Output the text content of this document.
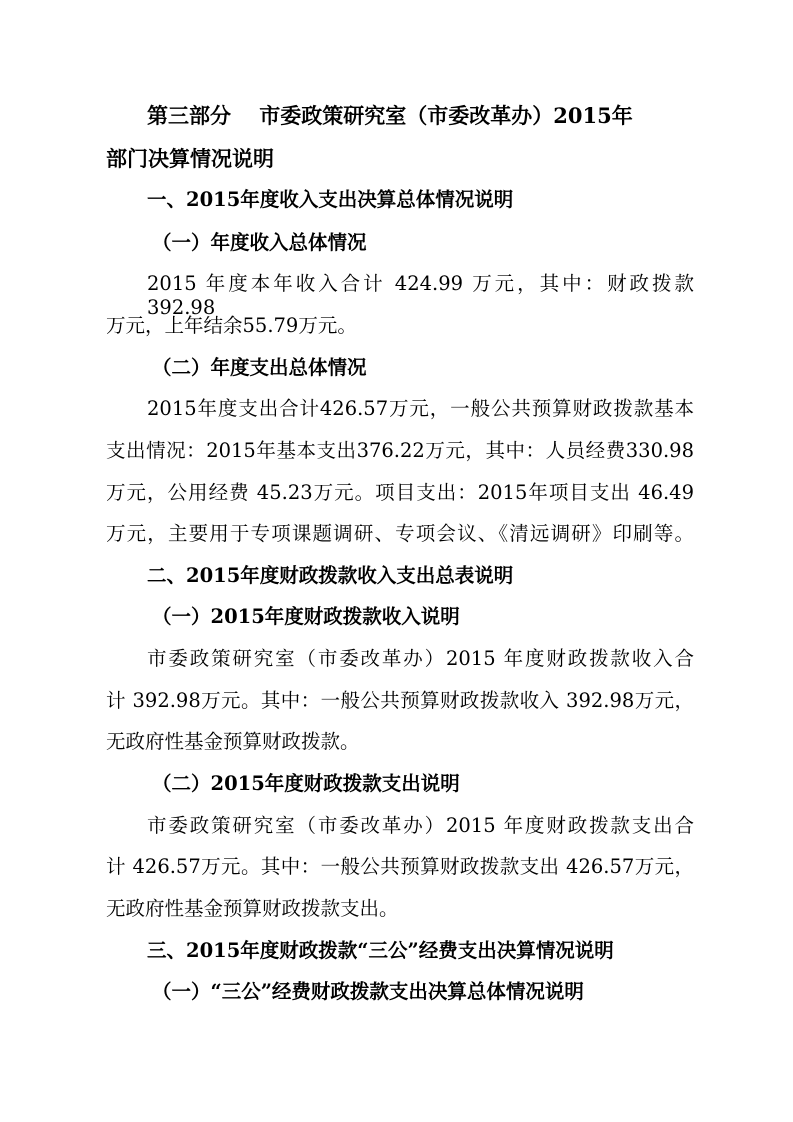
第三部分　 市委政策研究室（市委改革办）2015年
部门决算情况说明
一、2015年度收入支出决算总体情况说明
（一）年度收入总体情况
2015 年度本年收入合计 424.99 万元，其中：财政拨款 392.98
万元，上年结余55.79万元。
（二）年度支出总体情况
2015年度支出合计426.57万元，一般公共预算财政拨款基本
支出情况：2015年基本支出376.22万元，其中：人员经费330.98
万元，公用经费 45.23万元。项目支出：2015年项目支出 46.49
万元，主要用于专项课题调研、专项会议、《清远调研》印刷等。
二、2015年度财政拨款收入支出总表说明
（一）2015年度财政拨款收入说明
市委政策研究室（市委改革办）2015 年度财政拨款收入合
计 392.98万元。其中：一般公共预算财政拨款收入 392.98万元，
无政府性基金预算财政拨款。
（二）2015年度财政拨款支出说明
市委政策研究室（市委改革办）2015 年度财政拨款支出合
计 426.57万元。其中：一般公共预算财政拨款支出 426.57万元，
无政府性基金预算财政拨款支出。
三、2015年度财政拨款“三公”经费支出决算情况说明
（一）“三公”经费财政拨款支出决算总体情况说明
